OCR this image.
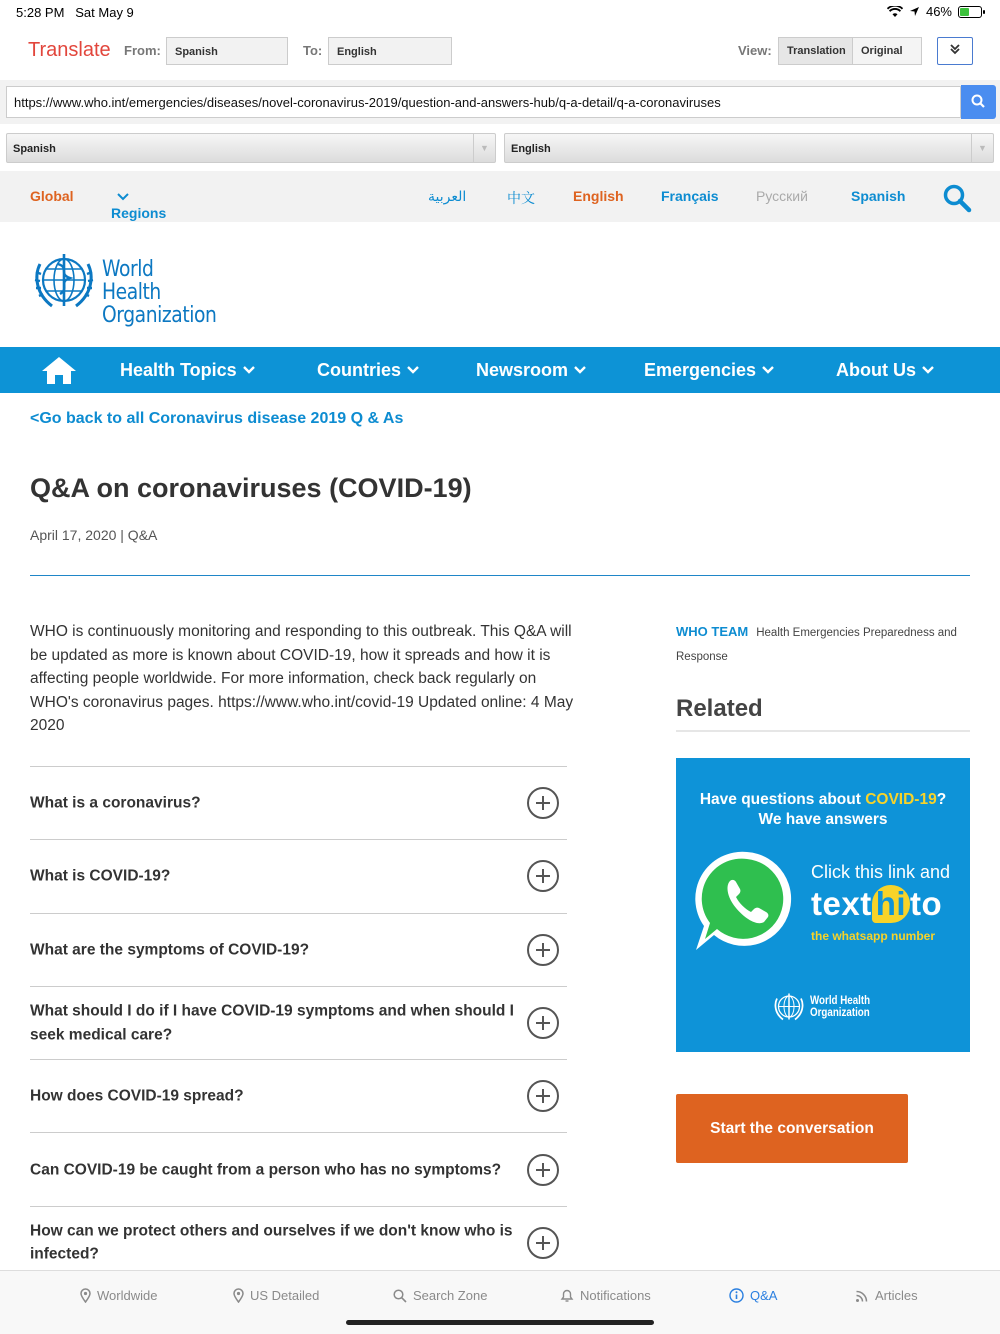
5:28 PM Sat May 9	46%
Translate From:	Spanish	To:	English	View:	Translation	Original
https://www.who.int/emergencies/diseases/novel-coronavirus-2019/question-and-answers-hub/q-a-detail/q-a-coronaviruses
Spanish	▼	English	▼
Global
Regions
العربية	中文	English	Français	Русский	Spanish
World Health
Organization
Health Topics	Countries	Newsroom	Emergencies	About Us
<Go back to all Coronavirus disease 2019 Q & As
Q&A on coronaviruses (COVID-19)
April 17, 2020 | Q&A

WHO is continuously monitoring and responding to this outbreak. This Q&A will be updated as more is known about COVID-19, how it spreads and how it is affecting people worldwide. For more information, check back regularly on WHO's coronavirus pages. https://www.who.int/covid-19 Updated online: 4 May 2020

What is a coronavirus?
What is COVID-19?
What are the symptoms of COVID-19?
What should I do if I have COVID-19 symptoms and when should I seek medical care?
How does COVID-19 spread?
Can COVID-19 be caught from a person who has no symptoms?
How can we protect others and ourselves if we don't know who is infected?
WHO TEAM Health Emergencies Preparedness and Response
Related
Have questions about COVID-19?
We have answers
Click this link and
text hi to
the whatsapp number
World Health
Organization
Start the conversation
Worldwide	US Detailed	Search Zone	Notifications	Q&A	Articles
